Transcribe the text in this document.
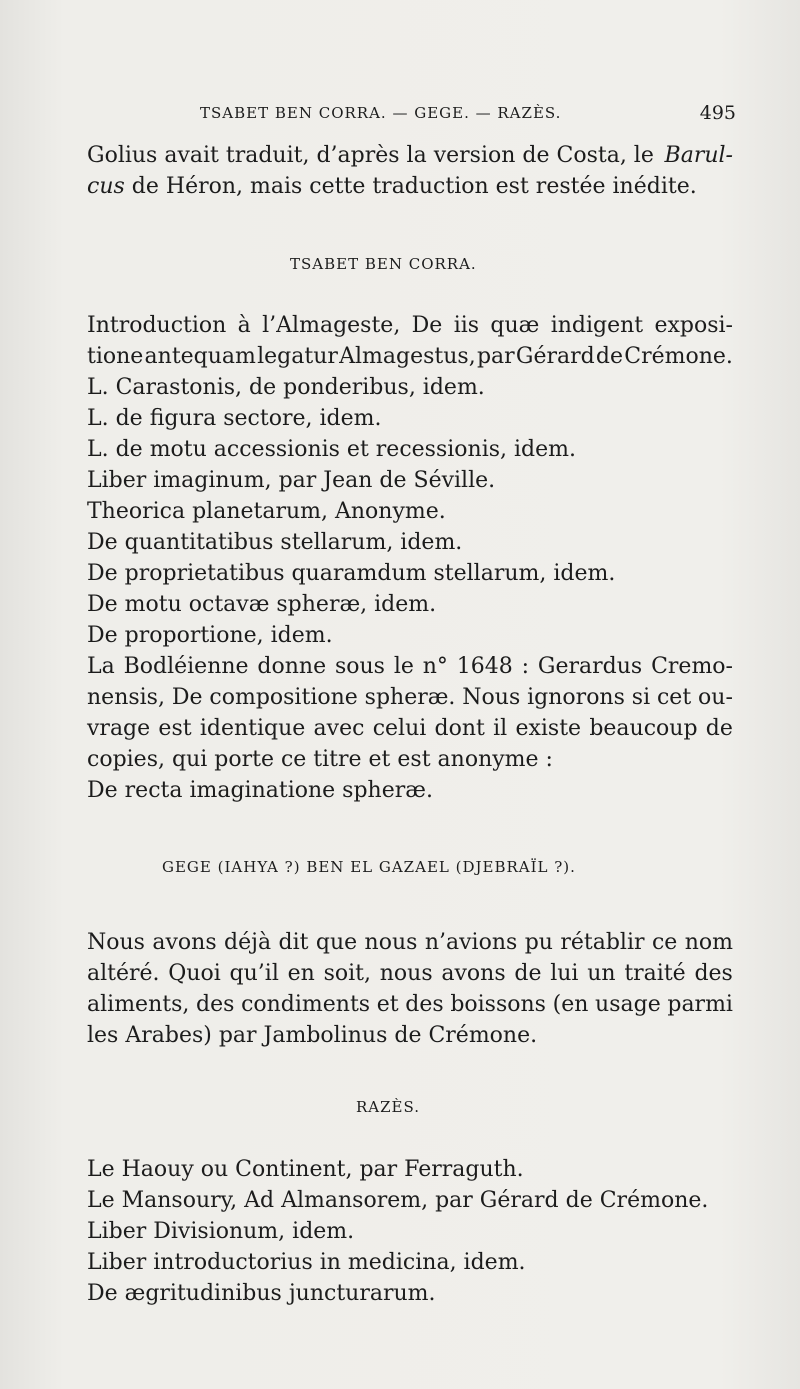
TSABET BEN CORRA. — GEGE. — RAZÈS.	495
Golius avait traduit, d’après la version de Costa, le Barul-
cus de Héron, mais cette traduction est restée inédite.
TSABET BEN CORRA.
Introduction à l’Almageste, De iis quæ indigent exposi-
tione antequam legatur Almagestus, par Gérard de Crémone.
L. Carastonis, de ponderibus, idem.
L. de figura sectore, idem.
L. de motu accessionis et recessionis, idem.
Liber imaginum, par Jean de Séville.
Theorica planetarum, Anonyme.
De quantitatibus stellarum, idem.
De proprietatibus quaramdum stellarum, idem.
De motu octavæ spheræ, idem.
De proportione, idem.
La Bodléienne donne sous le n° 1648 : Gerardus Cremo-
nensis, De compositione spheræ. Nous ignorons si cet ou-
vrage est identique avec celui dont il existe beaucoup de
copies, qui porte ce titre et est anonyme :
De recta imaginatione spheræ.
GEGE (IAHYA ?) BEN EL GAZAEL (DJEBRAÏL ?).
Nous avons déjà dit que nous n’avions pu rétablir ce nom
altéré. Quoi qu’il en soit, nous avons de lui un traité des
aliments, des condiments et des boissons (en usage parmi
les Arabes) par Jambolinus de Crémone.
RAZÈS.
Le Haouy ou Continent, par Ferraguth.
Le Mansoury, Ad Almansorem, par Gérard de Crémone.
Liber Divisionum, idem.
Liber introductorius in medicina, idem.
De ægritudinibus juncturarum.
